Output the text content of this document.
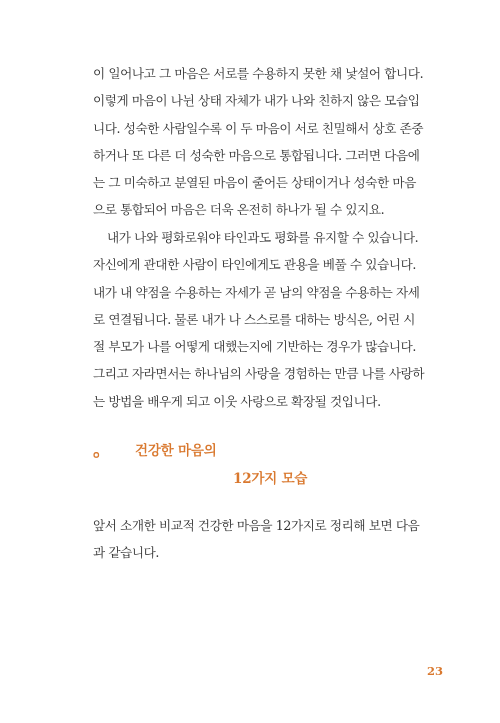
이 일어나고 그 마음은 서로를 수용하지 못한 채 낯설어 합니다.
이렇게 마음이 나뉜 상태 자체가 내가 나와 친하지 않은 모습입
니다. 성숙한 사람일수록 이 두 마음이 서로 친밀해서 상호 존중
하거나 또 다른 더 성숙한 마음으로 통합됩니다. 그러면 다음에
는 그 미숙하고 분열된 마음이 줄어든 상태이거나 성숙한 마음
으로 통합되어 마음은 더욱 온전히 하나가 될 수 있지요.
내가 나와 평화로워야 타인과도 평화를 유지할 수 있습니다.
자신에게 관대한 사람이 타인에게도 관용을 베풀 수 있습니다.
내가 내 약점을 수용하는 자세가 곧 남의 약점을 수용하는 자세
로 연결됩니다. 물론 내가 나 스스로를 대하는 방식은, 어린 시
절 부모가 나를 어떻게 대했는지에 기반하는 경우가 많습니다.
그리고 자라면서는 하나님의 사랑을 경험하는 만큼 나를 사랑하
는 방법을 배우게 되고 이웃 사랑으로 확장될 것입니다.
。 건강한 마음의
12가지 모습
앞서 소개한 비교적 건강한 마음을 12가지로 정리해 보면 다음
과 같습니다.
23
